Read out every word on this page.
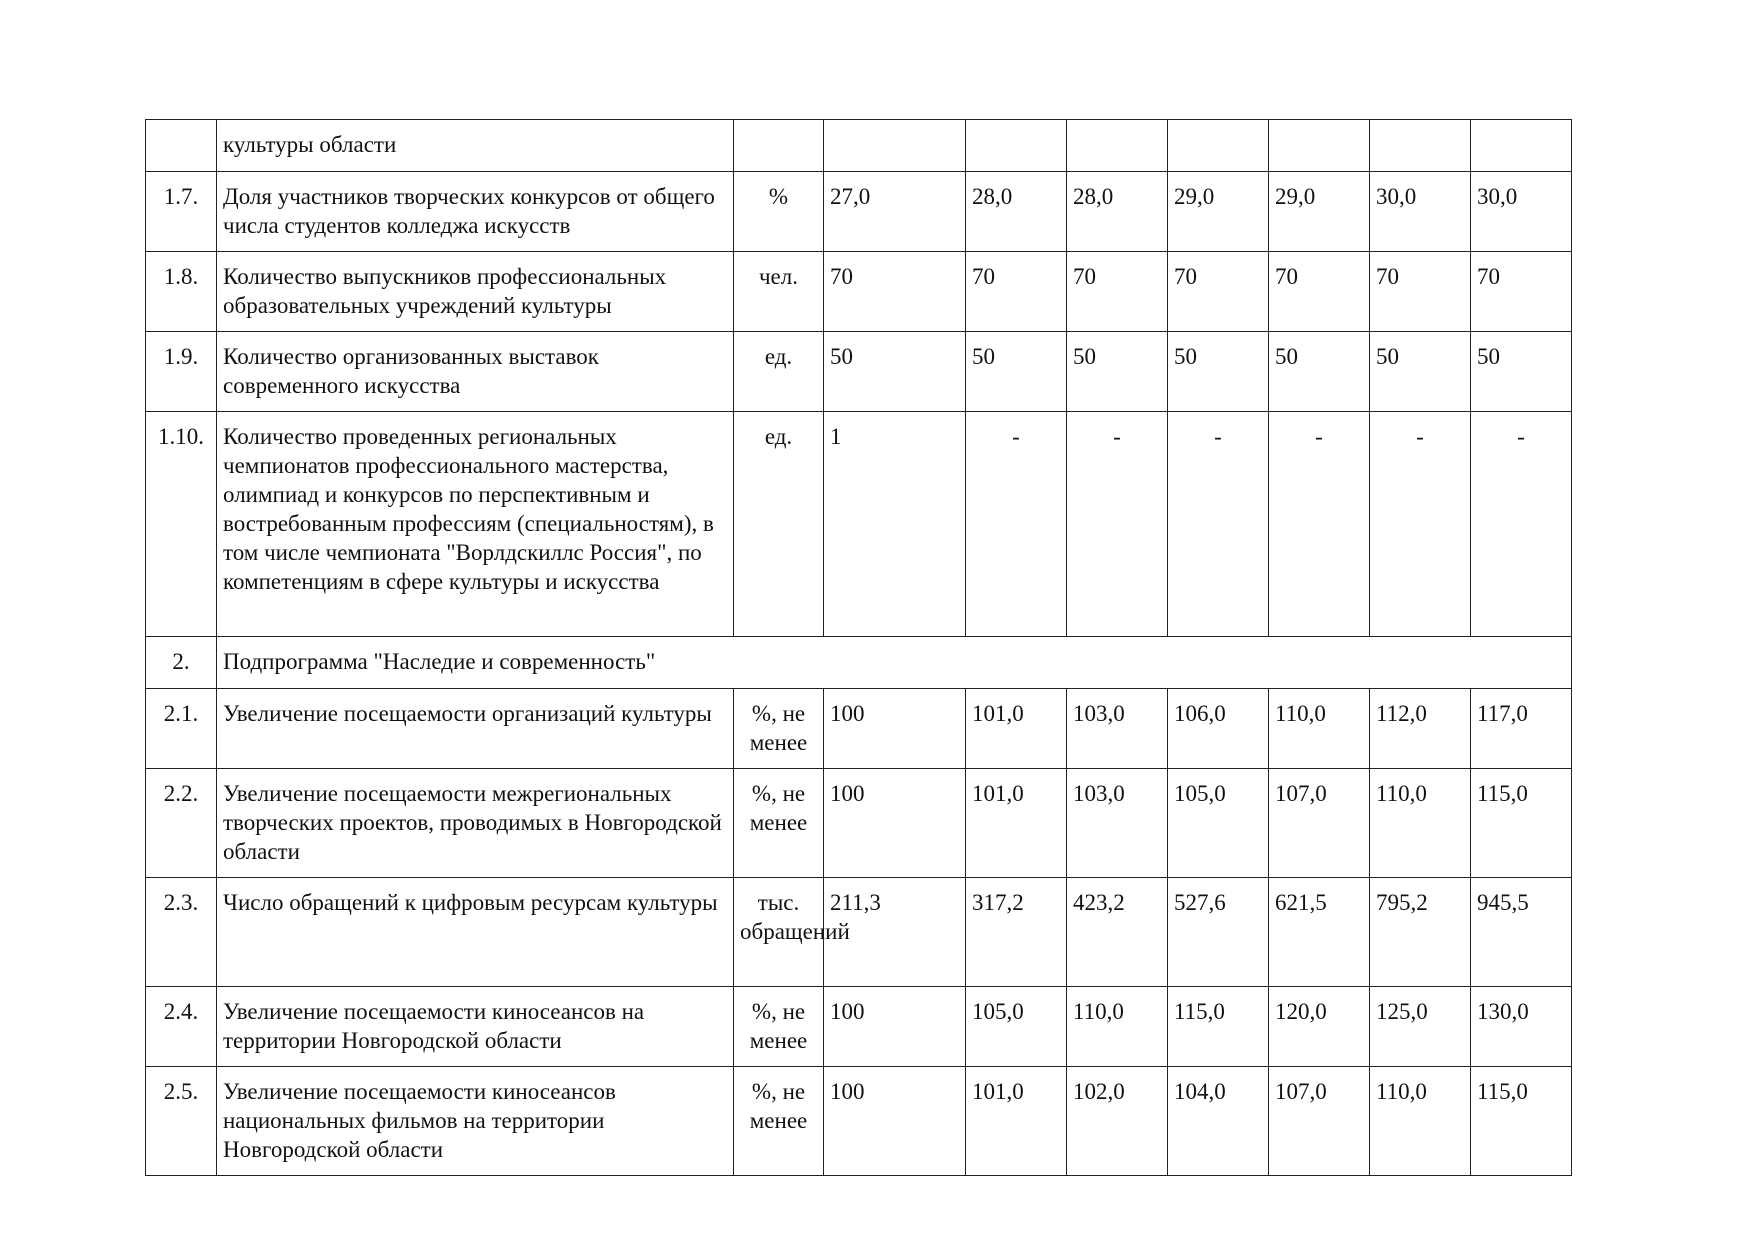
	культуры области								
1.7.	Доля участников творческих конкурсов от общего числа студентов колледжа искусств	%	27,0	28,0	28,0	29,0	29,0	30,0	30,0
1.8.	Количество выпускников профессиональных образовательных учреждений культуры	чел.	70	70	70	70	70	70	70
1.9.	Количество организованных выставок современного искусства	ед.	50	50	50	50	50	50	50
1.10.	Количество проведенных региональных чемпионатов профессионального мастерства, олимпиад и конкурсов по перспективным и востребованным профессиям (специальностям), в том числе чемпионата "Ворлдскиллс Россия", по компетенциям в сфере культуры и искусства	ед.	1	-	-	-	-	-	-
2.	Подпрограмма "Наследие и современность"								
2.1.	Увеличение посещаемости организаций культуры	%, не менее	100	101,0	103,0	106,0	110,0	112,0	117,0
2.2.	Увеличение посещаемости межрегиональных творческих проектов, проводимых в Новгородской области	%, не менее	100	101,0	103,0	105,0	107,0	110,0	115,0
2.3.	Число обращений к цифровым ресурсам культуры	тыс. обращений	211,3	317,2	423,2	527,6	621,5	795,2	945,5
2.4.	Увеличение посещаемости киносеансов на территории Новгородской области	%, не менее	100	105,0	110,0	115,0	120,0	125,0	130,0
2.5.	Увеличение посещаемости киносеансов национальных фильмов на территории Новгородской области	%, не менее	100	101,0	102,0	104,0	107,0	110,0	115,0
